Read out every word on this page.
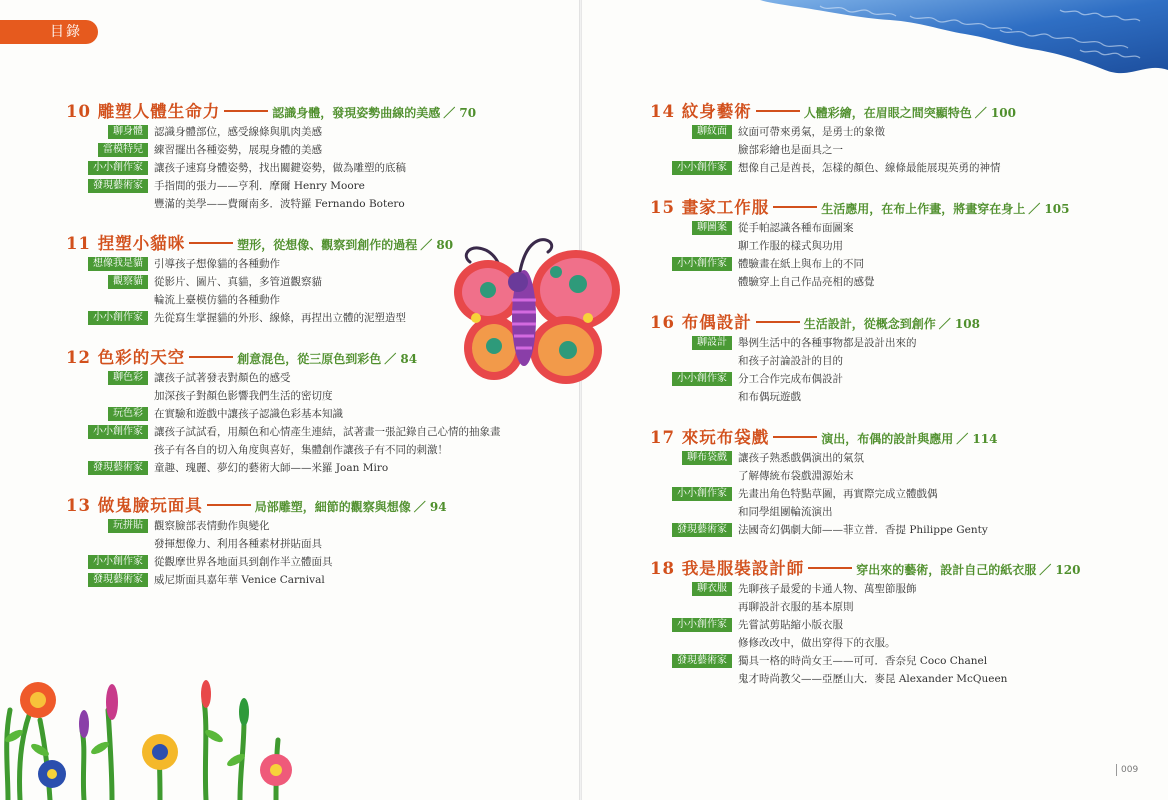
目錄
10 雕塑人體生命力	認識身體，發現姿勢曲線的美感 ／ 70
聊身體	認識身體部位，感受線條與肌肉美感
當模特兒	練習擺出各種姿勢，展現身體的美感
小小創作家	讓孩子速寫身體姿勢，找出關鍵姿勢，做為雕塑的底稿
發現藝術家	手指間的張力——亨利．摩爾 Henry Moore
豐滿的美學——費爾南多．波特羅 Fernando Botero
11 捏塑小貓咪	塑形，從想像、觀察到創作的過程 ／ 80
想像我是貓	引導孩子想像貓的各種動作
觀察貓	從影片、圖片、真貓，多管道觀察貓
輪流上臺模仿貓的各種動作
小小創作家	先從寫生掌握貓的外形、線條，再捏出立體的泥塑造型
12 色彩的天空	創意混色，從三原色到彩色 ／ 84
聊色彩	讓孩子試著發表對顏色的感受
加深孩子對顏色影響我們生活的密切度
玩色彩	在實驗和遊戲中讓孩子認識色彩基本知識
小小創作家	讓孩子試試看，用顏色和心情產生連結，試著畫一張記錄自己心情的抽象畫
孩子有各自的切入角度與喜好，集體創作讓孩子有不同的刺激！
發現藝術家	童趣、瑰麗、夢幻的藝術大師——米羅 Joan Miro
13 做鬼臉玩面具	局部雕塑，細節的觀察與想像 ／ 94
玩拼貼	觀察臉部表情動作與變化
發揮想像力、利用各種素材拼貼面具
小小創作家	從觀摩世界各地面具到創作半立體面具
發現藝術家	威尼斯面具嘉年華 Venice Carnival
14 紋身藝術	人體彩繪，在眉眼之間突顯特色 ／ 100
聊紋面	紋面可帶來勇氣，是勇士的象徵
臉部彩繪也是面具之一
小小創作家	想像自己是酋長，怎樣的顏色、線條最能展現英勇的神情
15 畫家工作服	生活應用，在布上作畫，將畫穿在身上 ／ 105
聊圖案	從手帕認識各種布面圖案
聊工作服的樣式與功用
小小創作家	體驗畫在紙上與布上的不同
體驗穿上自己作品亮相的感覺
16 布偶設計	生活設計，從概念到創作 ／ 108
聊設計	舉例生活中的各種事物都是設計出來的
和孩子討論設計的目的
小小創作家	分工合作完成布偶設計
和布偶玩遊戲
17 來玩布袋戲	演出，布偶的設計與應用 ／ 114
聊布袋戲	讓孩子熟悉戲偶演出的氣氛
了解傳統布袋戲淵源始末
小小創作家	先畫出角色特點草圖，再實際完成立體戲偶
和同學組團輪流演出
發現藝術家	法國奇幻偶劇大師——菲立普．香提 Philippe Genty
18 我是服裝設計師	穿出來的藝術，設計自己的紙衣服 ／ 120
聊衣服	先聊孩子最愛的卡通人物、萬聖節服飾
再聊設計衣服的基本原則
小小創作家	先嘗試剪貼縮小版衣服
修修改改中，做出穿得下的衣服。
發現藝術家	獨具一格的時尚女王——可可．香奈兒 Coco Chanel
鬼才時尚教父——亞歷山大．麥昆 Alexander McQueen
009
